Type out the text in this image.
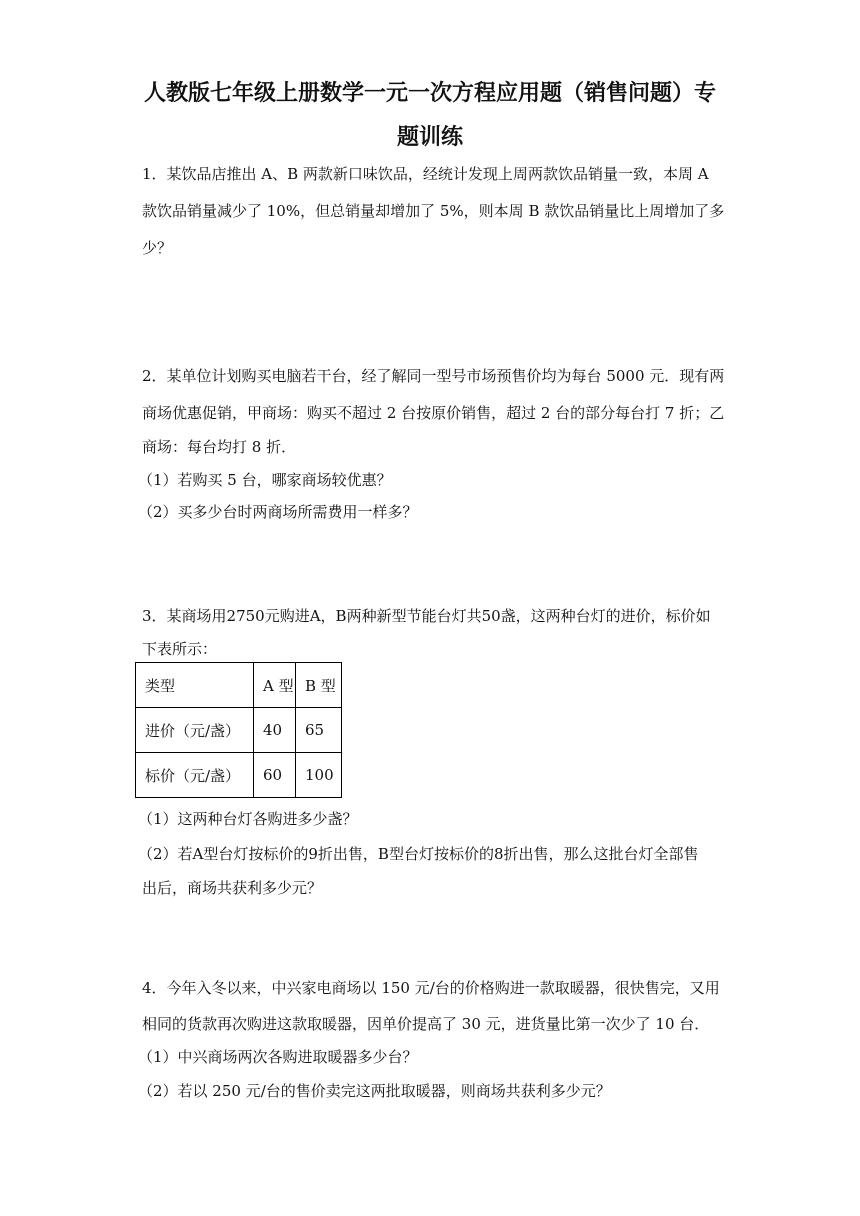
人教版七年级上册数学一元一次方程应用题（销售问题）专
题训练
1．某饮品店推出 A、B 两款新口味饮品，经统计发现上周两款饮品销量一致，本周 A
款饮品销量减少了 10%，但总销量却增加了 5%，则本周 B 款饮品销量比上周增加了多
少？
2．某单位计划购买电脑若干台，经了解同一型号市场预售价均为每台 5000 元．现有两
商场优惠促销，甲商场：购买不超过 2 台按原价销售，超过 2 台的部分每台打 7 折；乙
商场：每台均打 8 折．
（1）若购买 5 台，哪家商场较优惠？
（2）买多少台时两商场所需费用一样多？
3．某商场用2750元购进A，B两种新型节能台灯共50盏，这两种台灯的进价，标价如
下表所示：
类型	A 型	B 型
进价（元/盏）	40	65
标价（元/盏）	60	100
（1）这两种台灯各购进多少盏？
（2）若A型台灯按标价的9折出售，B型台灯按标价的8折出售，那么这批台灯全部售
出后，商场共获利多少元？
4．今年入冬以来，中兴家电商场以 150 元/台的价格购进一款取暖器，很快售完，又用
相同的货款再次购进这款取暖器，因单价提高了 30 元，进货量比第一次少了 10 台．
（1）中兴商场两次各购进取暖器多少台？
（2）若以 250 元/台的售价卖完这两批取暖器，则商场共获利多少元？
